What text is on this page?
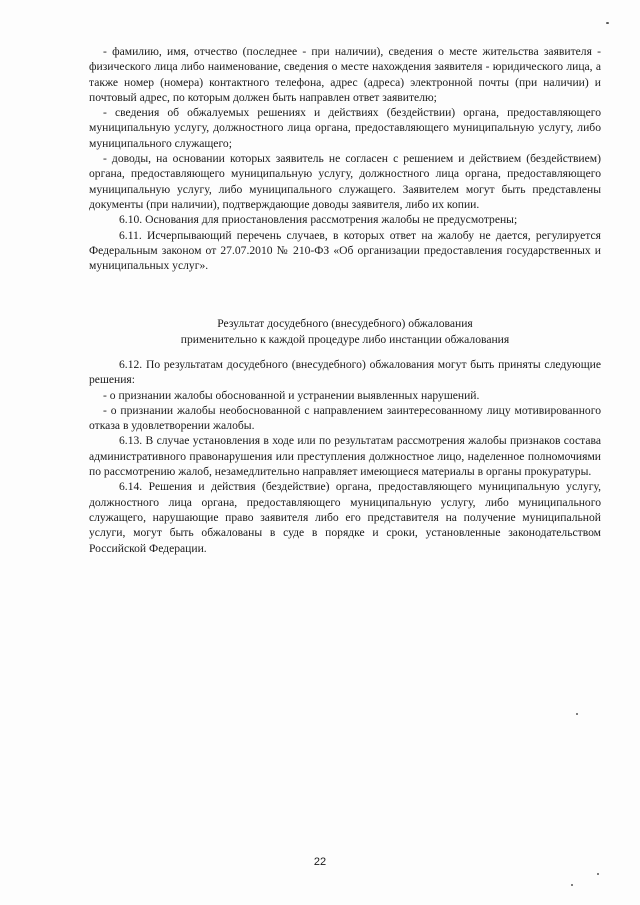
- фамилию, имя, отчество (последнее - при наличии), сведения о месте жительства заявителя - физического лица либо наименование, сведения о месте нахождения заявителя - юридического лица, а также номер (номера) контактного телефона, адрес (адреса) электронной почты (при наличии) и почтовый адрес, по которым должен быть направлен ответ заявителю;

- сведения об обжалуемых решениях и действиях (бездействии) органа, предоставляющего муниципальную услугу, должностного лица органа, предоставляющего муниципальную услугу, либо муниципального служащего;

- доводы, на основании которых заявитель не согласен с решением и действием (бездействием) органа, предоставляющего муниципальную услугу, должностного лица органа, предоставляющего муниципальную услугу, либо муниципального служащего. Заявителем могут быть представлены документы (при наличии), подтверждающие доводы заявителя, либо их копии.

6.10. Основания для приостановления рассмотрения жалобы не предусмотрены;

6.11. Исчерпывающий перечень случаев, в которых ответ на жалобу не дается, регулируется Федеральным законом от 27.07.2010 № 210-ФЗ «Об организации предоставления государственных и муниципальных услуг».

Результат досудебного (внесудебного) обжалования
применительно к каждой процедуре либо инстанции обжалования

6.12. По результатам досудебного (внесудебного) обжалования могут быть приняты следующие решения:

- о признании жалобы обоснованной и устранении выявленных нарушений.

- о признании жалобы необоснованной с направлением заинтересованному лицу мотивированного отказа в удовлетворении жалобы.

6.13. В случае установления в ходе или по результатам рассмотрения жалобы признаков состава административного правонарушения или преступления должностное лицо, наделенное полномочиями по рассмотрению жалоб, незамедлительно направляет имеющиеся материалы в органы прокуратуры.

6.14. Решения и действия (бездействие) органа, предоставляющего муниципальную услугу, должностного лица органа, предоставляющего муниципальную услугу, либо муниципального служащего, нарушающие право заявителя либо его представителя на получение муниципальной услуги, могут быть обжалованы в суде в порядке и сроки, установленные законодательством Российской Федерации.

22
